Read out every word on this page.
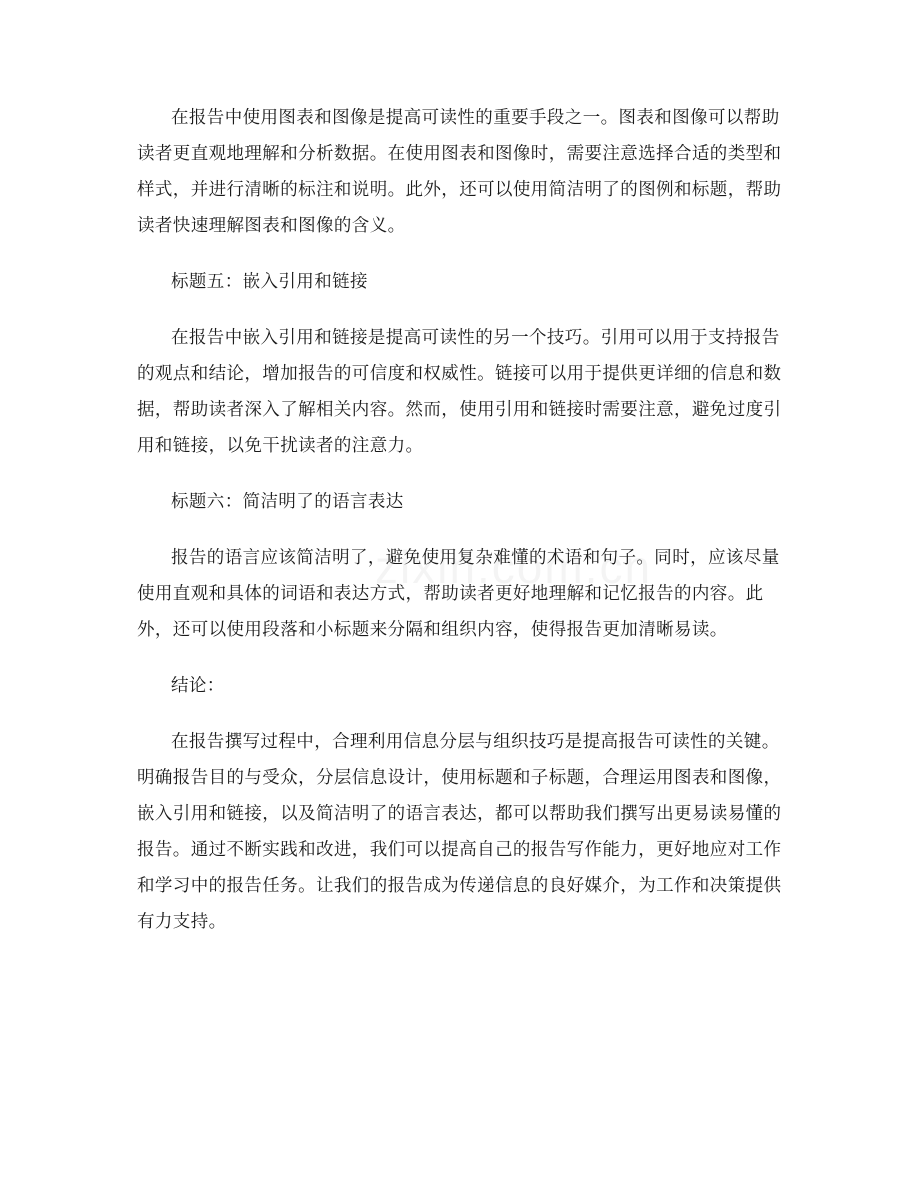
在报告中使用图表和图像是提高可读性的重要手段之一。图表和图像可以帮助读者更直观地理解和分析数据。在使用图表和图像时，需要注意选择合适的类型和样式，并进行清晰的标注和说明。此外，还可以使用简洁明了的图例和标题，帮助读者快速理解图表和图像的含义。

标题五：嵌入引用和链接

在报告中嵌入引用和链接是提高可读性的另一个技巧。引用可以用于支持报告的观点和结论，增加报告的可信度和权威性。链接可以用于提供更详细的信息和数据，帮助读者深入了解相关内容。然而，使用引用和链接时需要注意，避免过度引用和链接，以免干扰读者的注意力。

标题六：简洁明了的语言表达

报告的语言应该简洁明了，避免使用复杂难懂的术语和句子。同时，应该尽量使用直观和具体的词语和表达方式，帮助读者更好地理解和记忆报告的内容。此外，还可以使用段落和小标题来分隔和组织内容，使得报告更加清晰易读。

结论：

在报告撰写过程中，合理利用信息分层与组织技巧是提高报告可读性的关键。明确报告目的与受众，分层信息设计，使用标题和子标题，合理运用图表和图像，嵌入引用和链接，以及简洁明了的语言表达，都可以帮助我们撰写出更易读易懂的报告。通过不断实践和改进，我们可以提高自己的报告写作能力，更好地应对工作和学习中的报告任务。让我们的报告成为传递信息的良好媒介，为工作和决策提供有力支持。
